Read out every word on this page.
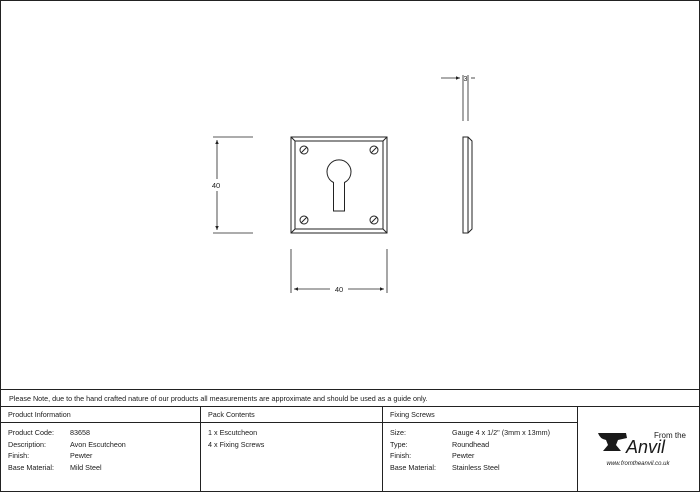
40
40
3
Please Note, due to the hand crafted nature of our products all measurements are approximate and should be used as a guide only.
Product Information
Product Code:	83658
Description:	Avon Escutcheon
Finish:	Pewter
Base Material:	Mild Steel
Pack Contents
1 x Escutcheon
4 x Fixing Screws
Fixing Screws
Size:	Gauge 4 x 1/2" (3mm x 13mm)
Type:	Roundhead
Finish:	Pewter
Base Material:	Stainless Steel
From the
Anvil
www.fromtheanvil.co.uk
